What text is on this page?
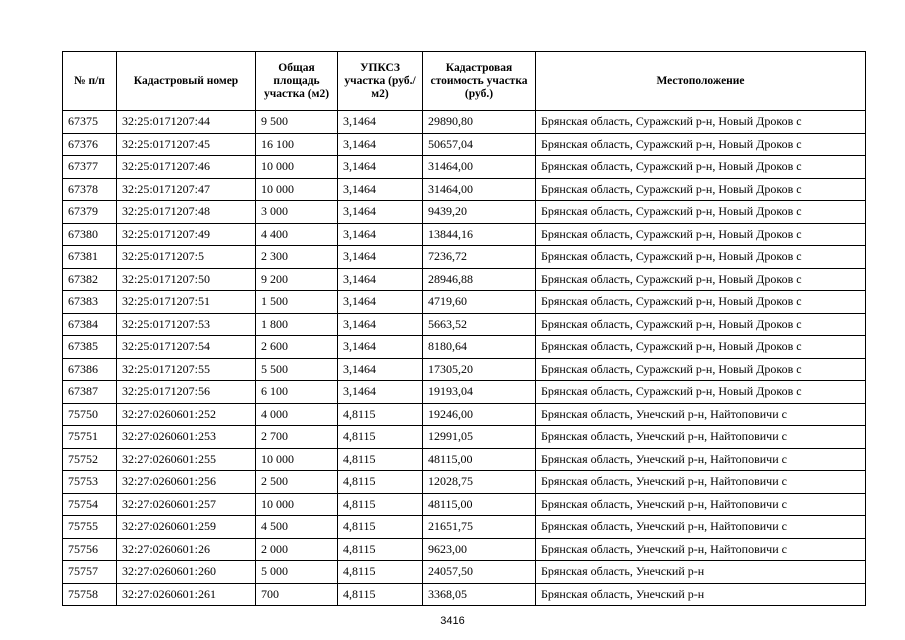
№ п/п	Кадастровый номер	Общая площадь участка (м2)	УПКСЗ участка (руб./м2)	Кадастровая стоимость участка (руб.)	Местоположение
67375	32:25:0171207:44	9 500	3,1464	29890,80	Брянская область, Суражский р-н, Новый Дроков с
67376	32:25:0171207:45	16 100	3,1464	50657,04	Брянская область, Суражский р-н, Новый Дроков с
67377	32:25:0171207:46	10 000	3,1464	31464,00	Брянская область, Суражский р-н, Новый Дроков с
67378	32:25:0171207:47	10 000	3,1464	31464,00	Брянская область, Суражский р-н, Новый Дроков с
67379	32:25:0171207:48	3 000	3,1464	9439,20	Брянская область, Суражский р-н, Новый Дроков с
67380	32:25:0171207:49	4 400	3,1464	13844,16	Брянская область, Суражский р-н, Новый Дроков с
67381	32:25:0171207:5	2 300	3,1464	7236,72	Брянская область, Суражский р-н, Новый Дроков с
67382	32:25:0171207:50	9 200	3,1464	28946,88	Брянская область, Суражский р-н, Новый Дроков с
67383	32:25:0171207:51	1 500	3,1464	4719,60	Брянская область, Суражский р-н, Новый Дроков с
67384	32:25:0171207:53	1 800	3,1464	5663,52	Брянская область, Суражский р-н, Новый Дроков с
67385	32:25:0171207:54	2 600	3,1464	8180,64	Брянская область, Суражский р-н, Новый Дроков с
67386	32:25:0171207:55	5 500	3,1464	17305,20	Брянская область, Суражский р-н, Новый Дроков с
67387	32:25:0171207:56	6 100	3,1464	19193,04	Брянская область, Суражский р-н, Новый Дроков с
75750	32:27:0260601:252	4 000	4,8115	19246,00	Брянская область, Унечский р-н, Найтоповичи с
75751	32:27:0260601:253	2 700	4,8115	12991,05	Брянская область, Унечский р-н, Найтоповичи с
75752	32:27:0260601:255	10 000	4,8115	48115,00	Брянская область, Унечский р-н, Найтоповичи с
75753	32:27:0260601:256	2 500	4,8115	12028,75	Брянская область, Унечский р-н, Найтоповичи с
75754	32:27:0260601:257	10 000	4,8115	48115,00	Брянская область, Унечский р-н, Найтоповичи с
75755	32:27:0260601:259	4 500	4,8115	21651,75	Брянская область, Унечский р-н, Найтоповичи с
75756	32:27:0260601:26	2 000	4,8115	9623,00	Брянская область, Унечский р-н, Найтоповичи с
75757	32:27:0260601:260	5 000	4,8115	24057,50	Брянская область, Унечский р-н
75758	32:27:0260601:261	700	4,8115	3368,05	Брянская область, Унечский р-н
3416
